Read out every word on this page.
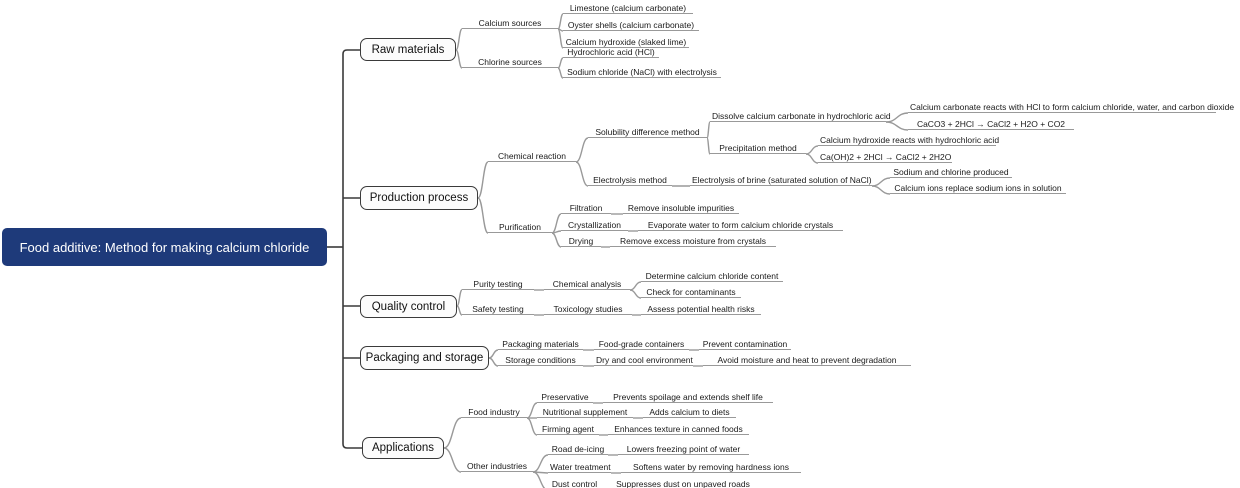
Food additive: Method for making calcium chloride
Raw materials
Production process
Quality control
Packaging and storage
Applications
Calcium sources
Limestone (calcium carbonate)
Oyster shells (calcium carbonate)
Calcium hydroxide (slaked lime)
Chlorine sources
Hydrochloric acid (HCl)
Sodium chloride (NaCl) with electrolysis
Chemical reaction
Solubility difference method
Dissolve calcium carbonate in hydrochloric acid
Calcium carbonate reacts with HCl to form calcium chloride, water, and carbon dioxide
CaCO3 + 2HCl → CaCl2 + H2O + CO2
Precipitation method
Calcium hydroxide reacts with hydrochloric acid
Ca(OH)2 + 2HCl → CaCl2 + 2H2O
Electrolysis method	Electrolysis of brine (saturated solution of NaCl)
Sodium and chlorine produced
Calcium ions replace sodium ions in solution
Purification
Filtration	Remove insoluble impurities
Crystallization	Evaporate water to form calcium chloride crystals
Drying	Remove excess moisture from crystals
Purity testing	Chemical analysis
Determine calcium chloride content
Check for contaminants
Safety testing	Toxicology studies	Assess potential health risks
Packaging materials	Food-grade containers	Prevent contamination
Storage conditions	Dry and cool environment	Avoid moisture and heat to prevent degradation
Food industry
Preservative	Prevents spoilage and extends shelf life
Nutritional supplement	Adds calcium to diets
Firming agent	Enhances texture in canned foods
Other industries
Road de-icing	Lowers freezing point of water
Water treatment	Softens water by removing hardness ions
Dust control	Suppresses dust on unpaved roads
